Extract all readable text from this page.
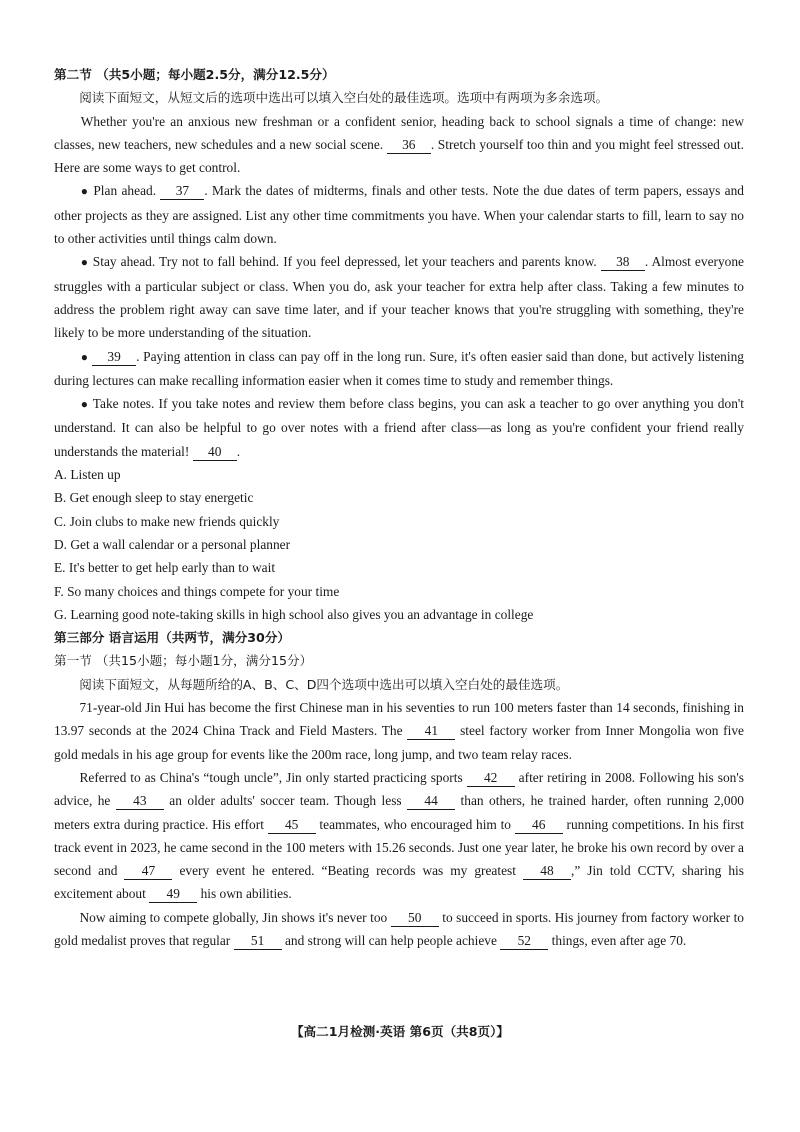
第二节 （共5小题；每小题2.5分，满分12.5分）

阅读下面短文，从短文后的选项中选出可以填入空白处的最佳选项。选项中有两项为多余选项。

Whether you're an anxious new freshman or a confident senior, heading back to school signals a time of change: new classes, new teachers, new schedules and a new social scene. 36 . Stretch yourself too thin and you might feel stressed out. Here are some ways to get control.

● Plan ahead. 37 . Mark the dates of midterms, finals and other tests. Note the due dates of term papers, essays and other projects as they are assigned. List any other time commitments you have. When your calendar starts to fill, learn to say no to other activities until things calm down.

● Stay ahead. Try not to fall behind. If you feel depressed, let your teachers and parents know. 38 . Almost everyone struggles with a particular subject or class. When you do, ask your teacher for extra help after class. Taking a few minutes to address the problem right away can save time later, and if your teacher knows that you're struggling with something, they're likely to be more understanding of the situation.

● 39 . Paying attention in class can pay off in the long run. Sure, it's often easier said than done, but actively listening during lectures can make recalling information easier when it comes time to study and remember things.

● Take notes. If you take notes and review them before class begins, you can ask a teacher to go over anything you don't understand. It can also be helpful to go over notes with a friend after class—as long as you're confident your friend really understands the material! 40 .

A. Listen up

B. Get enough sleep to stay energetic

C. Join clubs to make new friends quickly

D. Get a wall calendar or a personal planner

E. It's better to get help early than to wait

F. So many choices and things compete for your time

G. Learning good note-taking skills in high school also gives you an advantage in college

第三部分 语言运用（共两节，满分30分）

第一节 （共15小题；每小题1分，满分15分）

阅读下面短文，从每题所给的A、B、C、D四个选项中选出可以填入空白处的最佳选项。

71-year-old Jin Hui has become the first Chinese man in his seventies to run 100 meters faster than 14 seconds, finishing in 13.97 seconds at the 2024 China Track and Field Masters. The 41 steel factory worker from Inner Mongolia won five gold medals in his age group for events like the 200m race, long jump, and two team relay races.

Referred to as China's “tough uncle”, Jin only started practicing sports 42 after retiring in 2008. Following his son's advice, he 43 an older adults' soccer team. Though less 44 than others, he trained harder, often running 2,000 meters extra during practice. His effort 45 teammates, who encouraged him to 46 running competitions. In his first track event in 2023, he came second in the 100 meters with 15.26 seconds. Just one year later, he broke his own record by over a second and 47 every event he entered. “Beating records was my greatest 48 ,” Jin told CCTV, sharing his excitement about 49 his own abilities.

Now aiming to compete globally, Jin shows it's never too 50 to succeed in sports. His journey from factory worker to gold medalist proves that regular 51 and strong will can help people achieve 52 things, even after age 70.

【高二1月检测·英语 第6页（共8页）】
